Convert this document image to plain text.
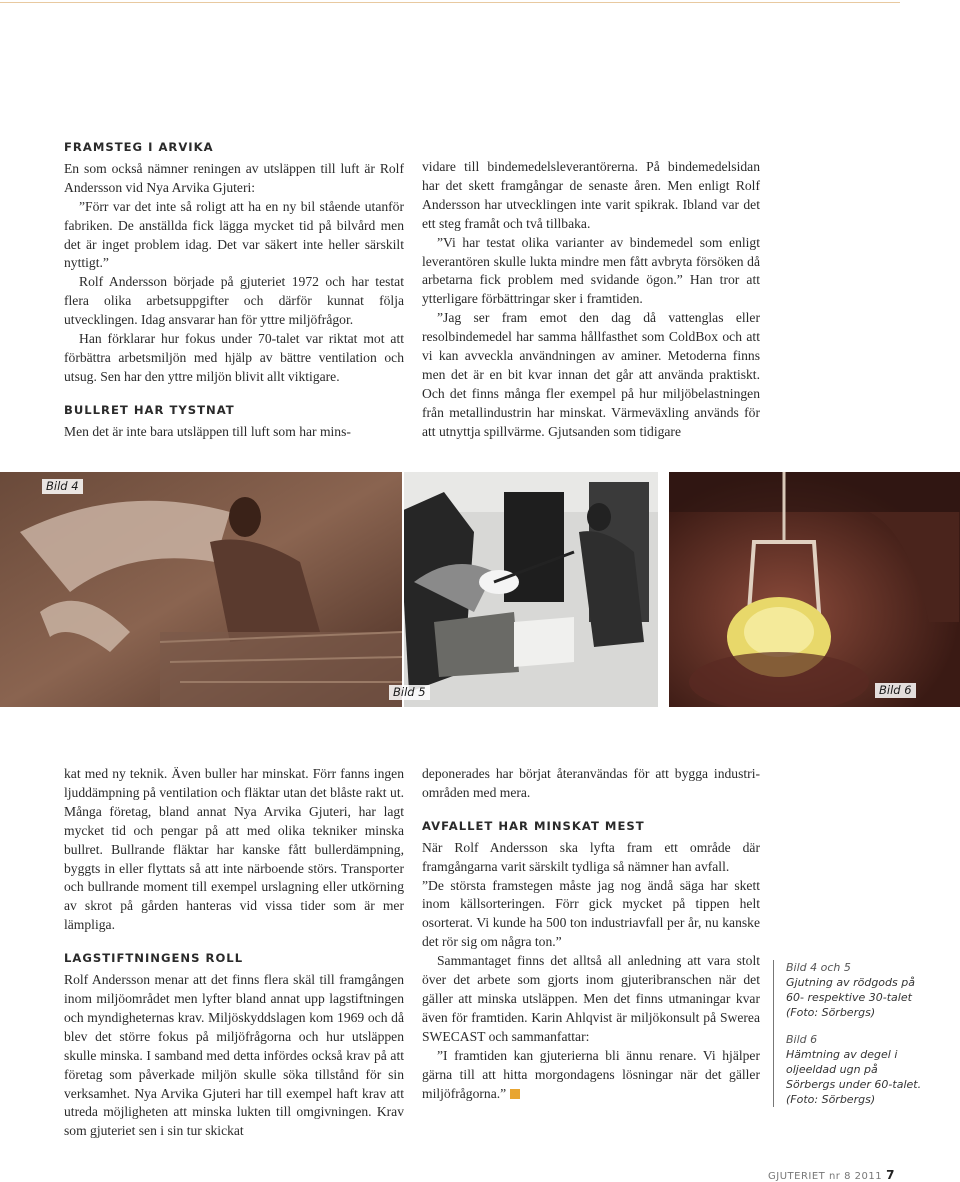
FRAMSTEG I ARVIKA

En som också nämner reningen av utsläppen till luft är Rolf Andersson vid Nya Arvika Gjuteri:

”Förr var det inte så roligt att ha en ny bil stående utanför fabriken. De anställda fick lägga mycket tid på bilvård men det är inget problem idag. Det var säkert inte heller särskilt nyttigt.”

Rolf Andersson började på gjuteriet 1972 och har testat flera olika arbetsuppgifter och därför kunnat följa utvecklingen. Idag ansvarar han för yttre miljöfrågor.

Han förklarar hur fokus under 70-talet var riktat mot att förbättra arbetsmiljön med hjälp av bättre ventilation och utsug. Sen har den yttre miljön blivit allt viktigare.

BULLRET HAR TYSTNAT

Men det är inte bara utsläppen till luft som har mins-

vidare till bindemedelsleverantörerna. På bindemedelsidan har det skett framgångar de senaste åren. Men enligt Rolf Andersson har utvecklingen inte varit spikrak. Ibland var det ett steg framåt och två tillbaka.

”Vi har testat olika varianter av bindemedel som enligt leverantören skulle lukta mindre men fått avbryta försöken då arbetarna fick problem med svidande ögon.” Han tror att ytterligare förbättringar sker i framtiden.

”Jag ser fram emot den dag då vattenglas eller resolbindemedel har samma hållfasthet som ColdBox och att vi kan avveckla användningen av aminer. Metoderna finns men det är en bit kvar innan det går att använda praktiskt. Och det finns många fler exempel på hur miljöbelastningen från metallindustrin har minskat. Värmeväxling används för att utnyttja spillvärme. Gjutsanden som tidigare

Bild 4
Bild 5	Bild 6

kat med ny teknik. Även buller har minskat. Förr fanns ingen ljuddämpning på ventilation och fläktar utan det blåste rakt ut. Många företag, bland annat Nya Arvika Gjuteri, har lagt mycket tid och pengar på att med olika tekniker minska bullret. Bullrande fläktar har kanske fått bullerdämpning, byggts in eller flyttats så att inte närboende störs. Transporter och bullrande moment till exempel urslagning eller utkörning av skrot på gården hanteras vid vissa tider som är mer lämpliga.

LAGSTIFTNINGENS ROLL

Rolf Andersson menar att det finns flera skäl till framgången inom miljöområdet men lyfter bland annat upp lagstiftningen och myndigheternas krav. Miljöskyddslagen kom 1969 och då blev det större fokus på miljöfrågorna och hur utsläppen skulle minska. I samband med detta infördes också krav på att företag som påverkade miljön skulle söka tillstånd för sin verksamhet. Nya Arvika Gjuteri har till exempel haft krav att utreda möjligheten att minska lukten till omgivningen. Krav som gjuteriet sen i sin tur skickat

deponerades har börjat återanvändas för att bygga industri-områden med mera.

AVFALLET HAR MINSKAT MEST

När Rolf Andersson ska lyfta fram ett område där framgångarna varit särskilt tydliga så nämner han avfall.

”De största framstegen måste jag nog ändå säga har skett inom källsorteringen. Förr gick mycket på tippen helt osorterat. Vi kunde ha 500 ton industriavfall per år, nu kanske det rör sig om några ton.”

Sammantaget finns det alltså all anledning att vara stolt över det arbete som gjorts inom gjuteribranschen när det gäller att minska utsläppen. Men det finns utmaningar kvar även för framtiden. Karin Ahlqvist är miljökonsult på Swerea SWECAST och sammanfattar:

”I framtiden kan gjuterierna bli ännu renare. Vi hjälper gärna till att hitta morgondagens lösningar när det gäller miljöfrågorna.” G

Bild 4 och 5

Gjutning av rödgods på 60- respektive 30-talet (Foto: Sörbergs)

Bild 6

Hämtning av degel i oljeeldad ugn på Sörbergs under 60-talet. (Foto: Sörbergs)

GJUTERIET nr 8 2011 7
